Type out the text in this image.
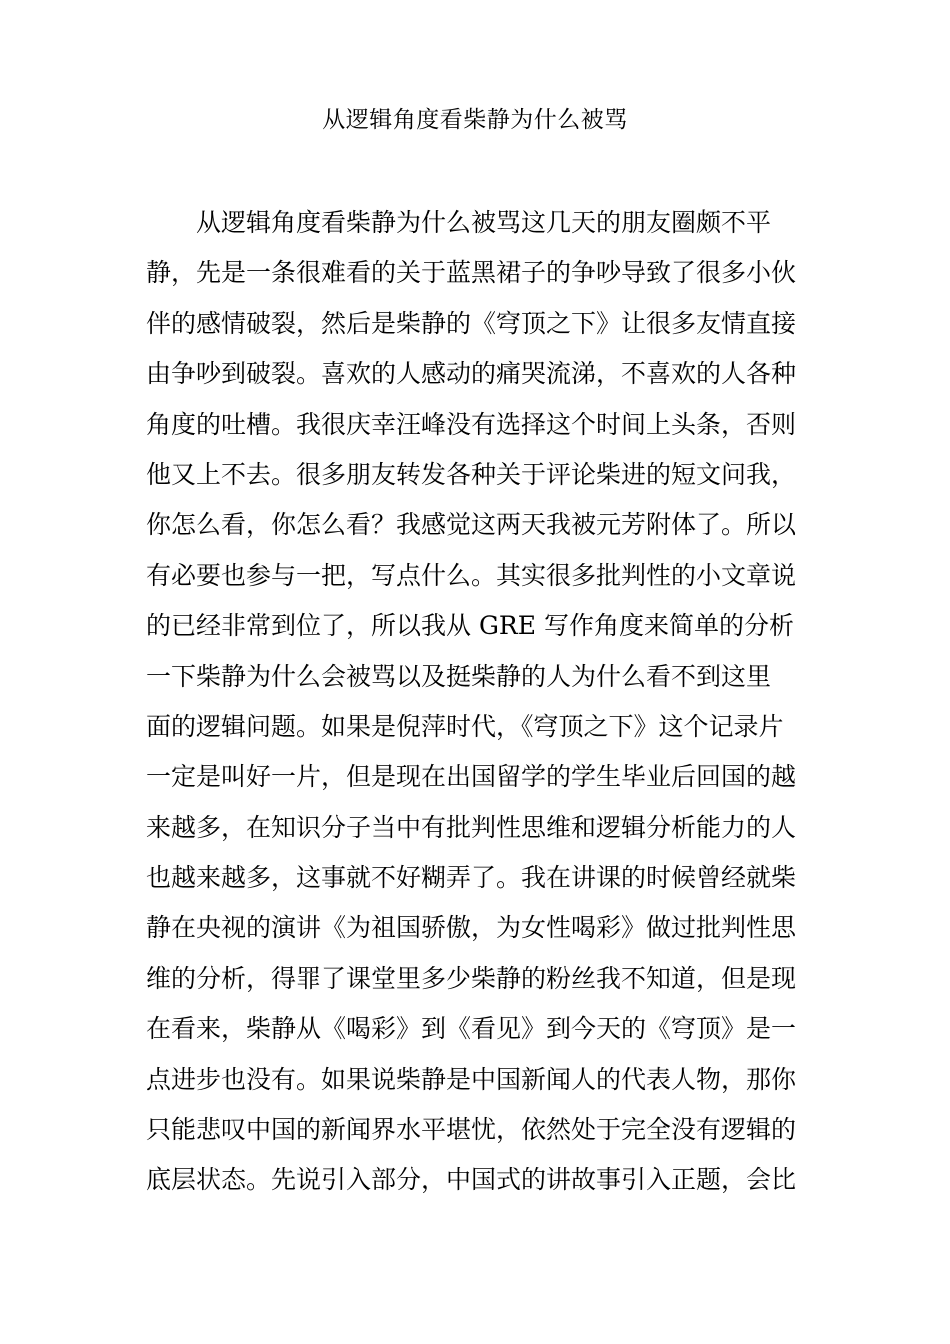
从逻辑角度看柴静为什么被骂
从逻辑角度看柴静为什么被骂这几天的朋友圈颇不平
静，先是一条很难看的关于蓝黑裙子的争吵导致了很多小伙
伴的感情破裂，然后是柴静的《穹顶之下》让很多友情直接
由争吵到破裂。喜欢的人感动的痛哭流涕，不喜欢的人各种
角度的吐槽。我很庆幸汪峰没有选择这个时间上头条，否则
他又上不去。很多朋友转发各种关于评论柴进的短文问我，
你怎么看，你怎么看？我感觉这两天我被元芳附体了。所以
有必要也参与一把，写点什么。其实很多批判性的小文章说
的已经非常到位了，所以我从 GRE 写作角度来简单的分析
一下柴静为什么会被骂以及挺柴静的人为什么看不到这里
面的逻辑问题。如果是倪萍时代，《穹顶之下》这个记录片
一定是叫好一片，但是现在出国留学的学生毕业后回国的越
来越多，在知识分子当中有批判性思维和逻辑分析能力的人
也越来越多，这事就不好糊弄了。我在讲课的时候曾经就柴
静在央视的演讲《为祖国骄傲，为女性喝彩》做过批判性思
维的分析，得罪了课堂里多少柴静的粉丝我不知道，但是现
在看来，柴静从《喝彩》到《看见》到今天的《穹顶》是一
点进步也没有。如果说柴静是中国新闻人的代表人物，那你
只能悲叹中国的新闻界水平堪忧，依然处于完全没有逻辑的
底层状态。先说引入部分，中国式的讲故事引入正题，会比
